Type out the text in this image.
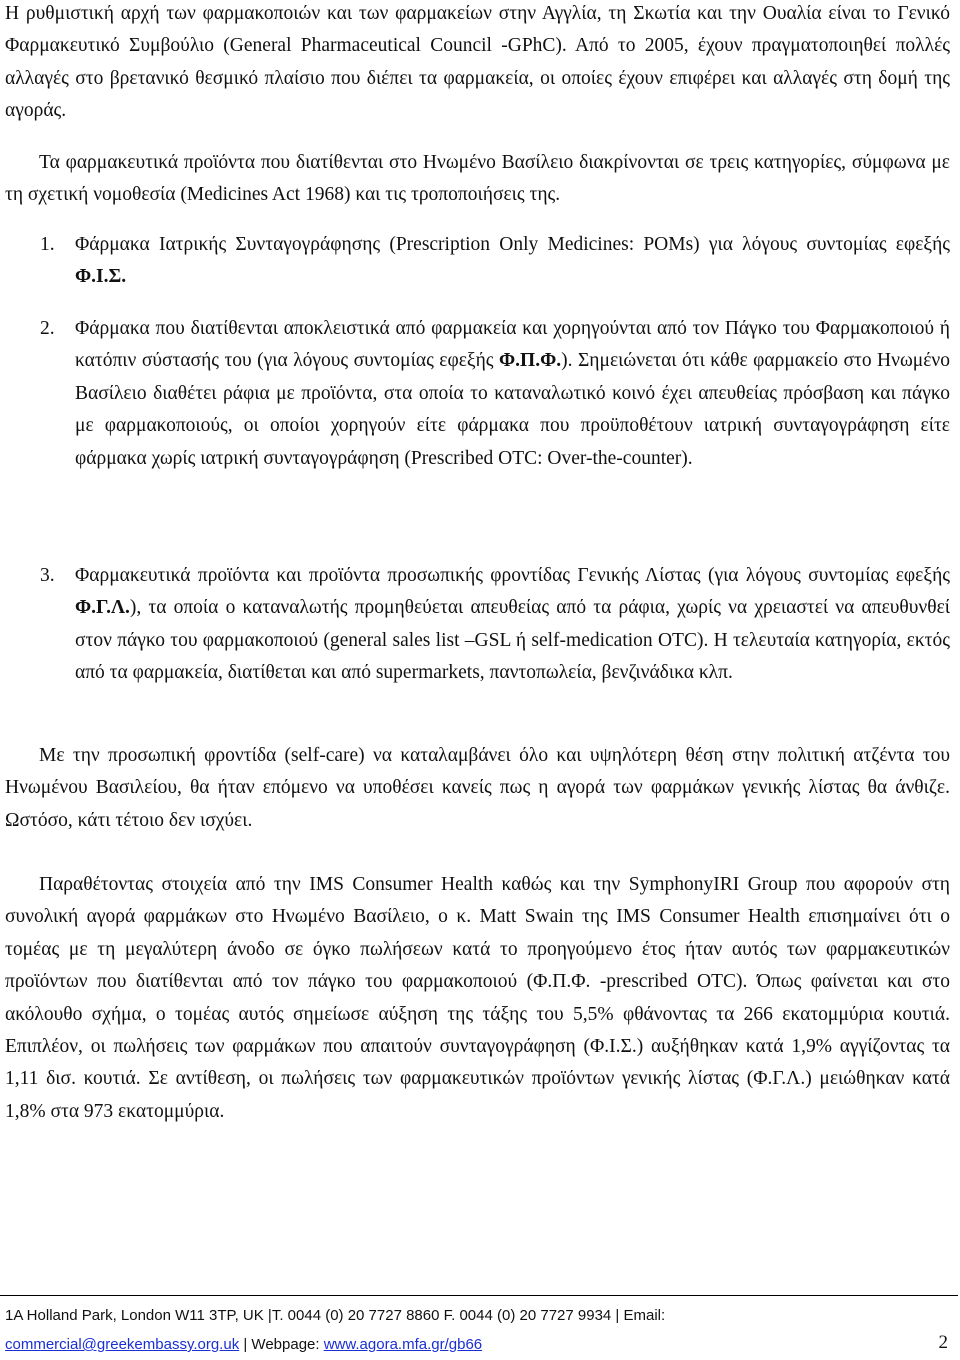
Η ρυθμιστική αρχή των φαρμακοποιών και των φαρμακείων στην Αγγλία, τη Σκωτία και την Ουαλία είναι το Γενικό Φαρμακευτικό Συμβούλιο (General Pharmaceutical Council -GPhC). Από το 2005, έχουν πραγματοποιηθεί πολλές αλλαγές στο βρετανικό θεσμικό πλαίσιο που διέπει τα φαρμακεία, οι οποίες έχουν επιφέρει και αλλαγές στη δομή της αγοράς.

Τα φαρμακευτικά προϊόντα που διατίθενται στο Ηνωμένο Βασίλειο διακρίνονται σε τρεις κατηγορίες, σύμφωνα με τη σχετική νομοθεσία (Medicines Act 1968) και τις τροποποιήσεις της.

1. Φάρμακα Ιατρικής Συνταγογράφησης (Prescription Only Medicines: POMs) για λόγους συντομίας εφεξής Φ.Ι.Σ.
2. Φάρμακα που διατίθενται αποκλειστικά από φαρμακεία και χορηγούνται από τον Πάγκο του Φαρμακοποιού ή κατόπιν σύστασής του (για λόγους συντομίας εφεξής Φ.Π.Φ.). Σημειώνεται ότι κάθε φαρμακείο στο Ηνωμένο Βασίλειο διαθέτει ράφια με προϊόντα, στα οποία το καταναλωτικό κοινό έχει απευθείας πρόσβαση και πάγκο με φαρμακοποιούς, οι οποίοι χορηγούν είτε φάρμακα που προϋποθέτουν ιατρική συνταγογράφηση είτε φάρμακα χωρίς ιατρική συνταγογράφηση (Prescribed OTC: Over-the-counter).
3. Φαρμακευτικά προϊόντα και προϊόντα προσωπικής φροντίδας Γενικής Λίστας (για λόγους συντομίας εφεξής Φ.Γ.Λ.), τα οποία ο καταναλωτής προμηθεύεται απευθείας από τα ράφια, χωρίς να χρειαστεί να απευθυνθεί στον πάγκο του φαρμακοποιού (general sales list –GSL ή self-medication OTC). Η τελευταία κατηγορία, εκτός από τα φαρμακεία, διατίθεται και από supermarkets, παντοπωλεία, βενζινάδικα κλπ.

Με την προσωπική φροντίδα (self-care) να καταλαμβάνει όλο και υψηλότερη θέση στην πολιτική ατζέντα του Ηνωμένου Βασιλείου, θα ήταν επόμενο να υποθέσει κανείς πως η αγορά των φαρμάκων γενικής λίστας θα άνθιζε. Ωστόσο, κάτι τέτοιο δεν ισχύει.

Παραθέτοντας στοιχεία από την IMS Consumer Health καθώς και την SymphonyIRI Group που αφορούν στη συνολική αγορά φαρμάκων στο Ηνωμένο Βασίλειο, ο κ. Matt Swain της IMS Consumer Health επισημαίνει ότι ο τομέας με τη μεγαλύτερη άνοδο σε όγκο πωλήσεων κατά το προηγούμενο έτος ήταν αυτός των φαρμακευτικών προϊόντων που διατίθενται από τον πάγκο του φαρμακοποιού (Φ.Π.Φ. -prescribed OTC). Όπως φαίνεται και στο ακόλουθο σχήμα, ο τομέας αυτός σημείωσε αύξηση της τάξης του 5,5% φθάνοντας τα 266 εκατομμύρια κουτιά. Επιπλέον, οι πωλήσεις των φαρμάκων που απαιτούν συνταγογράφηση (Φ.Ι.Σ.) αυξήθηκαν κατά 1,9% αγγίζοντας τα 1,11 δισ. κουτιά. Σε αντίθεση, οι πωλήσεις των φαρμακευτικών προϊόντων γενικής λίστας (Φ.Γ.Λ.) μειώθηκαν κατά 1,8% στα 973 εκατομμύρια.

1A Holland Park, London W11 3TP, UK |T. 0044 (0) 20 7727 8860 F. 0044 (0) 20 7727 9934 | Email:
commercial@greekembassy.org.uk | Webpage: www.agora.mfa.gr/gb66	2
